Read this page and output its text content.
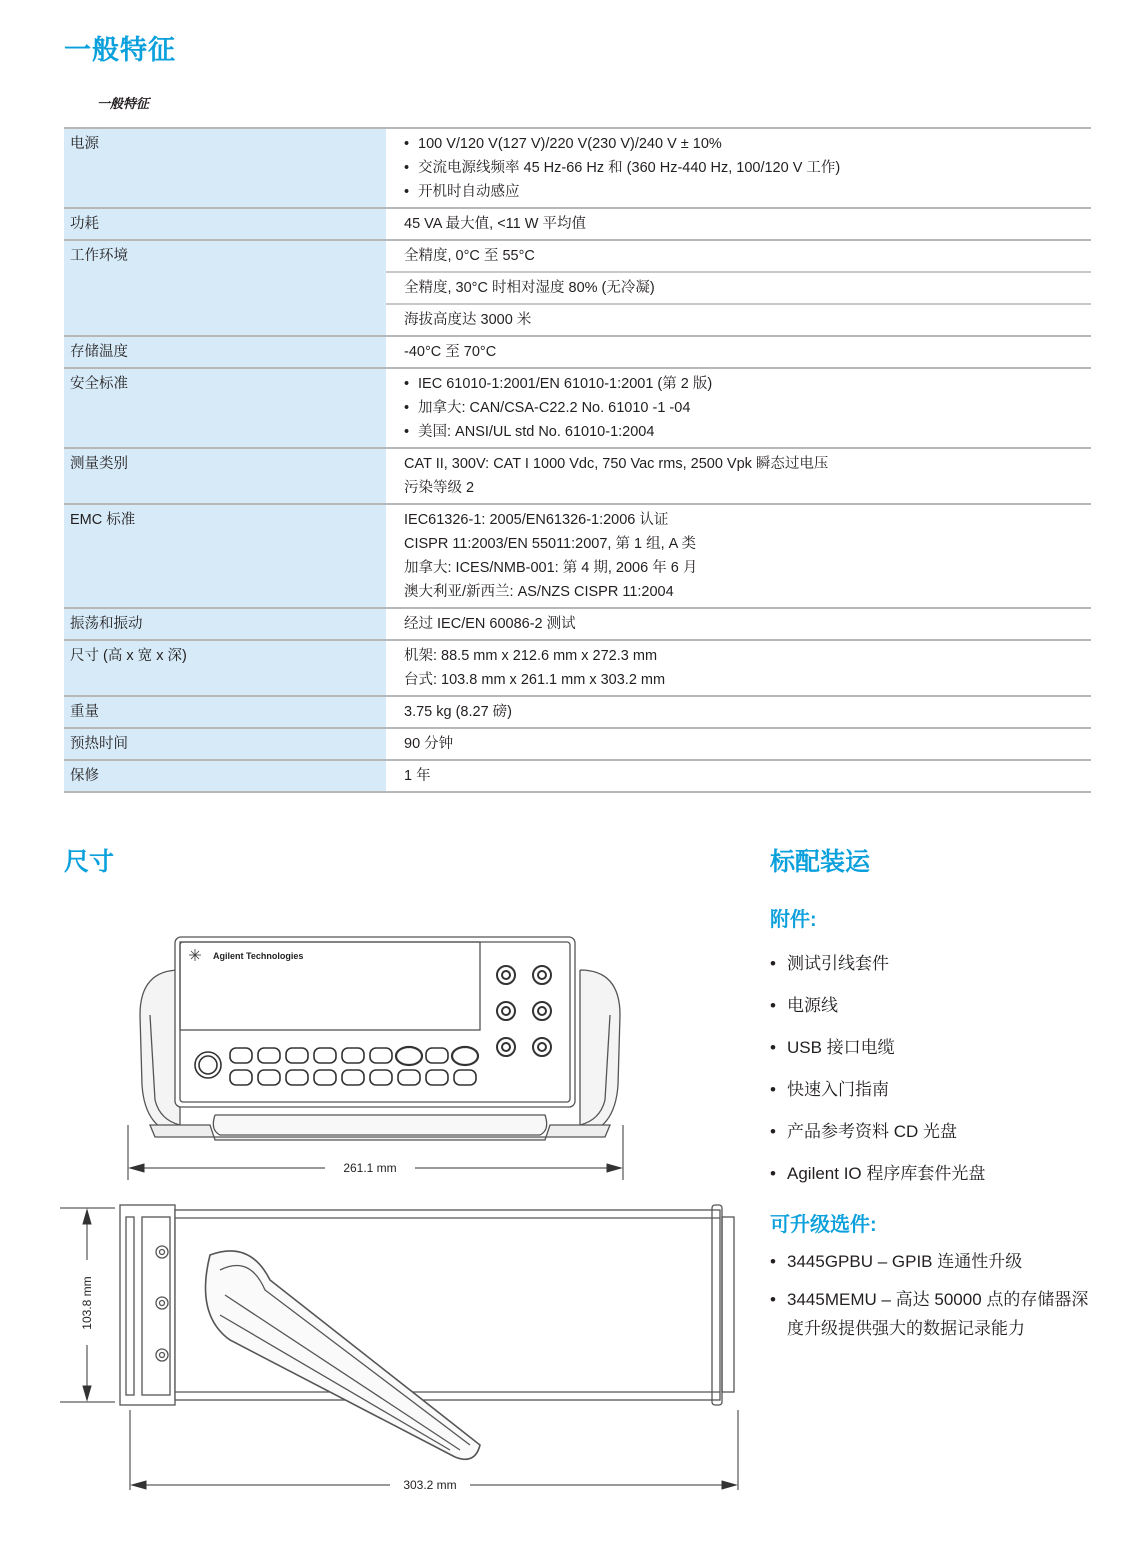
一般特征
一般特征
电源	• 100 V/120 V(127 V)/220 V(230 V)/240 V ± 10%
• 交流电源线频率 45 Hz-66 Hz 和 (360 Hz-440 Hz, 100/120 V 工作)
• 开机时自动感应

功耗	45 VA 最大值, <11 W 平均值

工作环境	全精度, 0°C 至 55°C

	全精度, 30°C 时相对湿度 80% (无冷凝)

	海拔高度达 3000 米

存储温度	-40°C 至 70°C

安全标准	• IEC 61010-1:2001/EN 61010-1:2001 (第 2 版)
• 加拿大: CAN/CSA-C22.2 No. 61010 -1 -04
• 美国: ANSI/UL std No. 61010-1:2004

测量类别	CAT II, 300V: CAT I 1000 Vdc, 750 Vac rms, 2500 Vpk 瞬态过电压
污染等级 2

EMC 标准	IEC61326-1: 2005/EN61326-1:2006 认证
CISPR 11:2003/EN 55011:2007, 第 1 组, A 类
加拿大: ICES/NMB-001: 第 4 期, 2006 年 6 月
澳大利亚/新西兰: AS/NZS CISPR 11:2004

振荡和振动	经过 IEC/EN 60086-2 测试

尺寸 (高 x 宽 x 深)	机架: 88.5 mm x 212.6 mm x 272.3 mm
台式: 103.8 mm x 261.1 mm x 303.2 mm

重量	3.75 kg (8.27 磅)

预热时间	90 分钟

保修	1 年
尺寸
Agilent Technologies
261.1 mm
103.8 mm
303.2 mm
标配装运
附件:
• 测试引线套件
• 电源线
• USB 接口电缆
• 快速入门指南
• 产品参考资料 CD 光盘
• Agilent IO 程序库套件光盘
可升级选件:
• 3445GPBU – GPIB 连通性升级
• 3445MEMU – 高达 50000 点的存储器深度升级提供强大的数据记录能力
